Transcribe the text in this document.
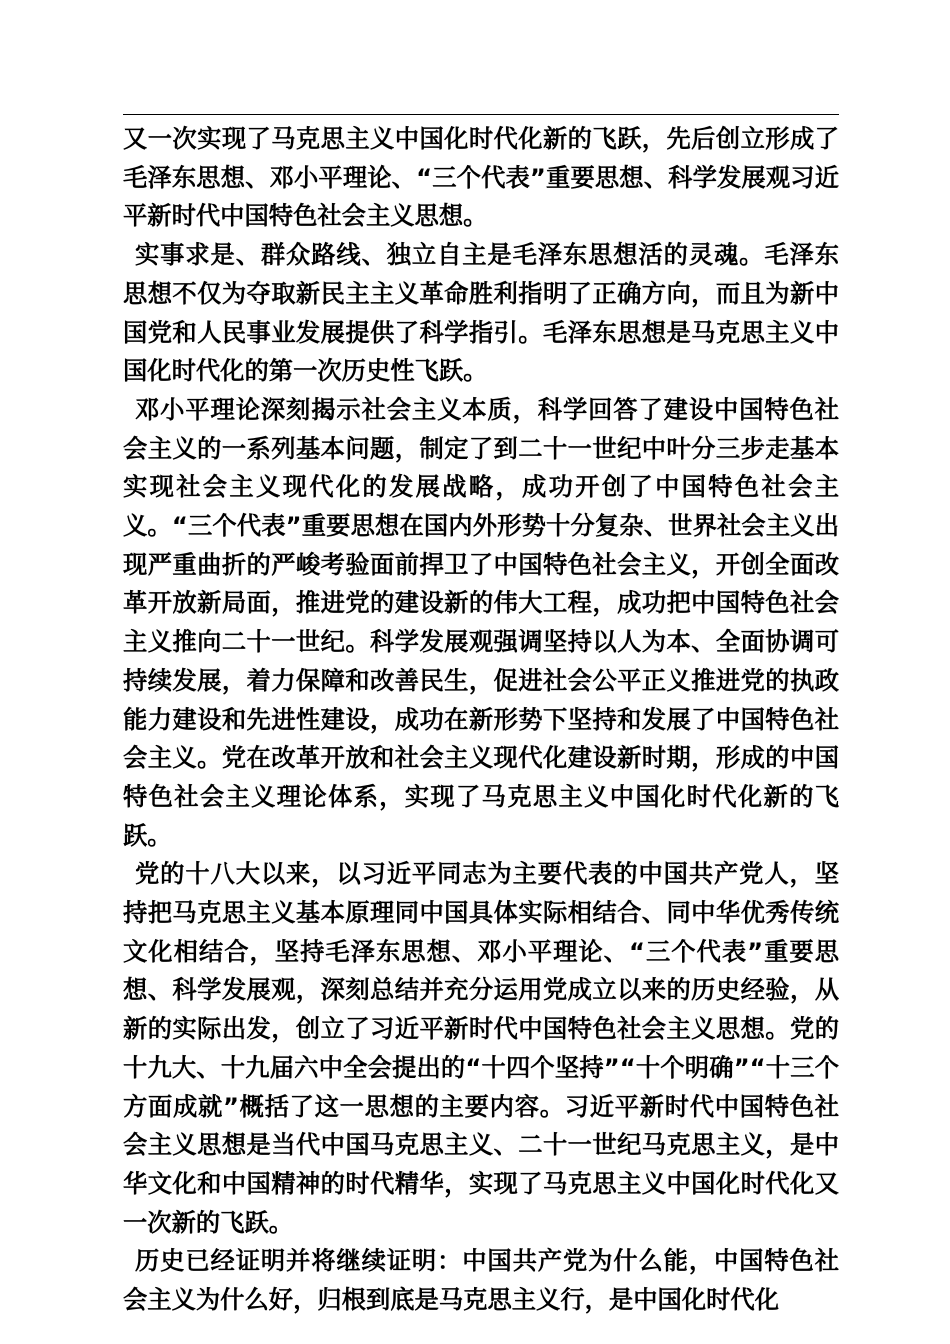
又一次实现了马克思主义中国化时代化新的飞跃，先后创立形成了毛泽东思想、邓小平理论、“三个代表”重要思想、科学发展观习近平新时代中国特色社会主义思想。

实事求是、群众路线、独立自主是毛泽东思想活的灵魂。毛泽东思想不仅为夺取新民主主义革命胜利指明了正确方向，而且为新中国党和人民事业发展提供了科学指引。毛泽东思想是马克思主义中国化时代化的第一次历史性飞跃。

邓小平理论深刻揭示社会主义本质，科学回答了建设中国特色社会主义的一系列基本问题，制定了到二十一世纪中叶分三步走基本实现社会主义现代化的发展战略，成功开创了中国特色社会主义。“三个代表”重要思想在国内外形势十分复杂、世界社会主义出现严重曲折的严峻考验面前捍卫了中国特色社会主义，开创全面改革开放新局面，推进党的建设新的伟大工程，成功把中国特色社会主义推向二十一世纪。科学发展观强调坚持以人为本、全面协调可持续发展，着力保障和改善民生，促进社会公平正义推进党的执政能力建设和先进性建设，成功在新形势下坚持和发展了中国特色社会主义。党在改革开放和社会主义现代化建设新时期，形成的中国特色社会主义理论体系，实现了马克思主义中国化时代化新的飞跃。

党的十八大以来，以习近平同志为主要代表的中国共产党人，坚持把马克思主义基本原理同中国具体实际相结合、同中华优秀传统文化相结合，坚持毛泽东思想、邓小平理论、“三个代表”重要思想、科学发展观，深刻总结并充分运用党成立以来的历史经验，从新的实际出发，创立了习近平新时代中国特色社会主义思想。党的十九大、十九届六中全会提出的“十四个坚持”“十个明确”“十三个方面成就”概括了这一思想的主要内容。习近平新时代中国特色社会主义思想是当代中国马克思主义、二十一世纪马克思主义，是中华文化和中国精神的时代精华，实现了马克思主义中国化时代化又一次新的飞跃。

历史已经证明并将继续证明：中国共产党为什么能，中国特色社会主义为什么好，归根到底是马克思主义行，是中国化时代化
